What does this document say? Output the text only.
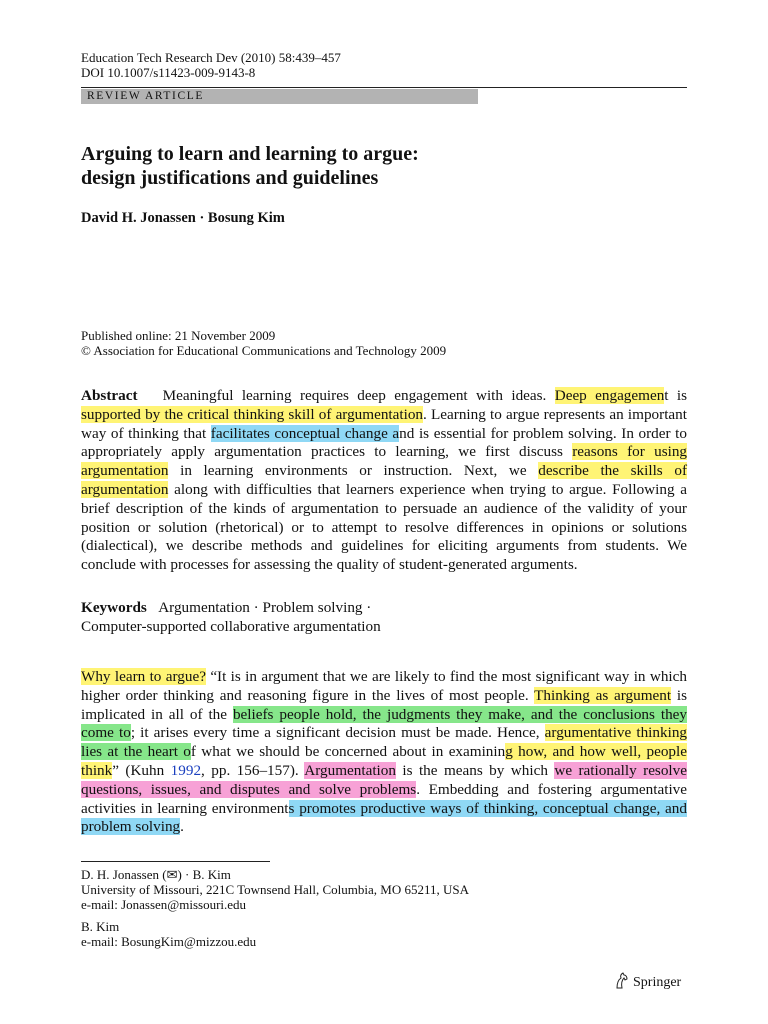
Education Tech Research Dev (2010) 58:439–457
DOI 10.1007/s11423-009-9143-8
REVIEW ARTICLE
Arguing to learn and learning to argue:
design justifications and guidelines
David H. Jonassen · Bosung Kim
Published online: 21 November 2009
© Association for Educational Communications and Technology 2009

Abstract Meaningful learning requires deep engagement with ideas. Deep engagement is supported by the critical thinking skill of argumentation. Learning to argue represents an important way of thinking that facilitates conceptual change and is essential for problem solving. In order to appropriately apply argumentation practices to learning, we first discuss reasons for using argumentation in learning environments or instruction. Next, we describe the skills of argumentation along with difficulties that learners experience when trying to argue. Following a brief description of the kinds of argumentation to persuade an audience of the validity of your position or solution (rhetorical) or to attempt to resolve differences in opinions or solutions (dialectical), we describe methods and guidelines for eliciting arguments from students. We conclude with processes for assessing the quality of student-generated arguments.

Keywords Argumentation · Problem solving ·
Computer-supported collaborative argumentation

Why learn to argue? “It is in argument that we are likely to find the most significant way in which higher order thinking and reasoning figure in the lives of most people. Thinking as argument is implicated in all of the beliefs people hold, the judgments they make, and the conclusions they come to; it arises every time a significant decision must be made. Hence, argumentative thinking lies at the heart of what we should be concerned about in examining how, and how well, people think” (Kuhn 1992, pp. 156–157). Argumentation is the means by which we rationally resolve questions, issues, and disputes and solve problems. Embedding and fostering argumentative activities in learning environments promotes productive ways of thinking, conceptual change, and problem solving.

D. H. Jonassen (✉) · B. Kim
University of Missouri, 221C Townsend Hall, Columbia, MO 65211, USA
e-mail: Jonassen@missouri.edu
B. Kim
e-mail: BosungKim@mizzou.edu
Springer
